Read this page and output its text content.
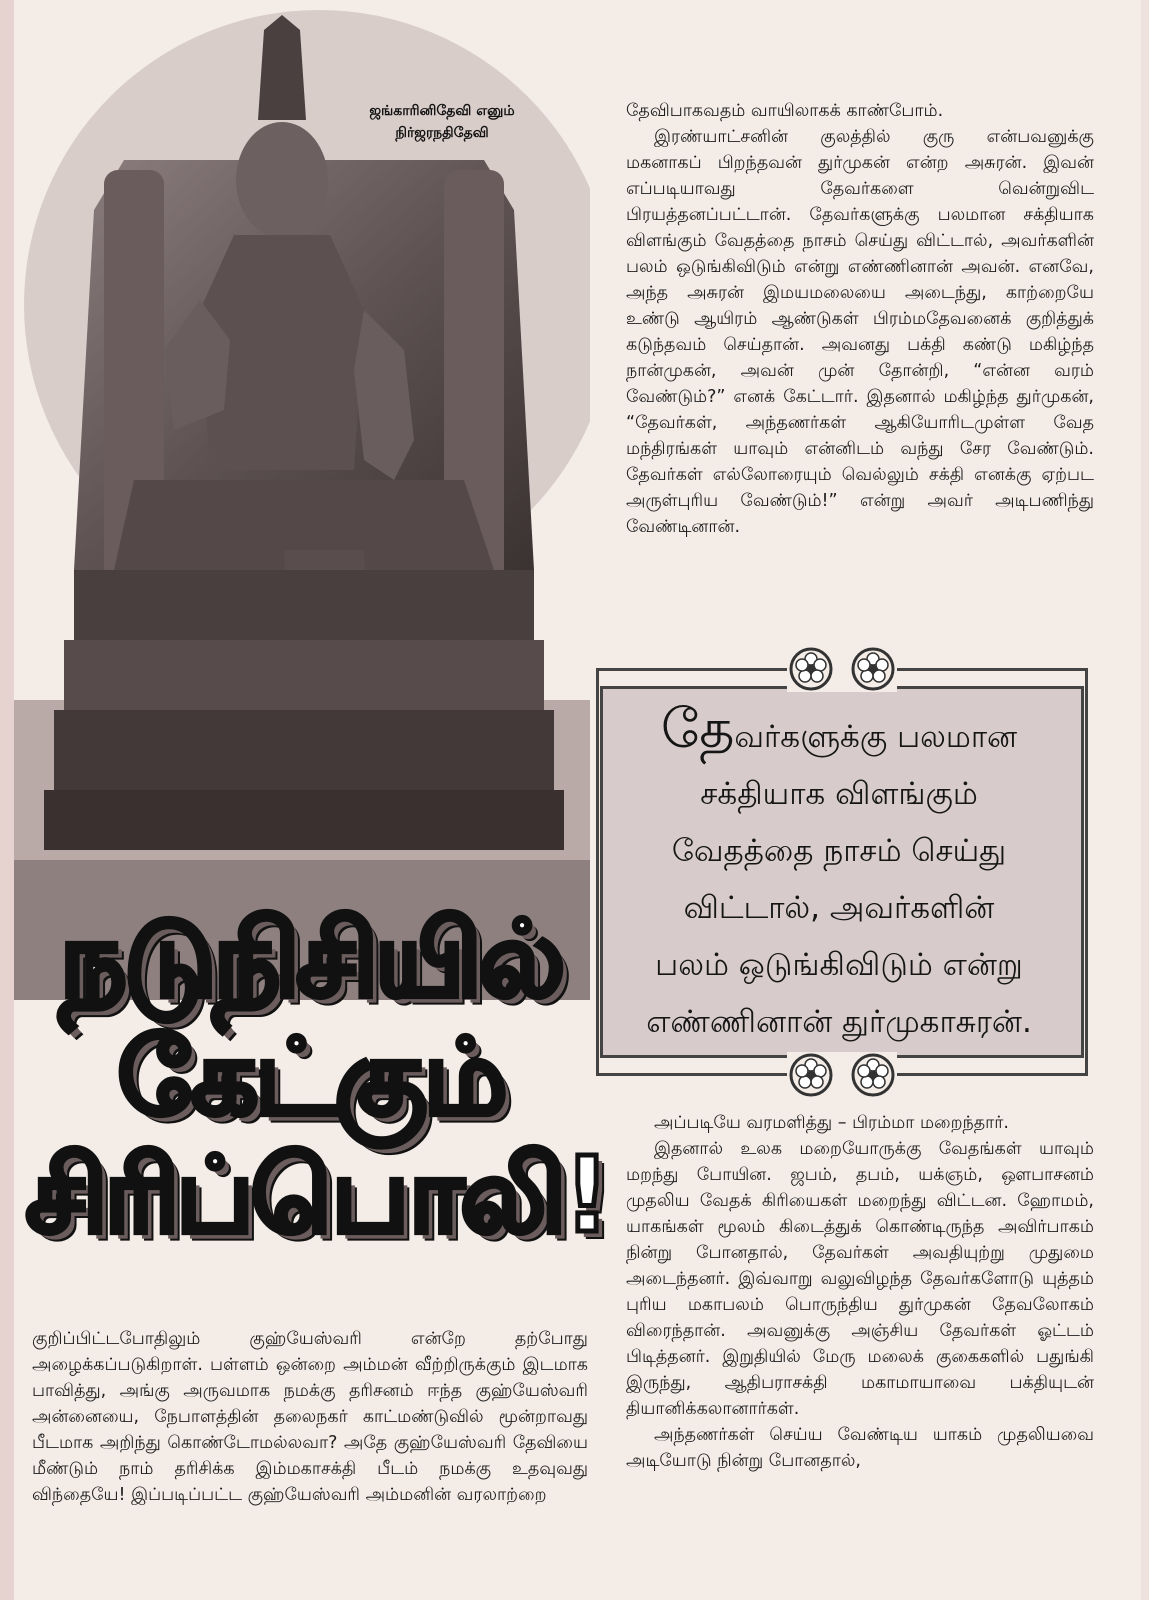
ஜங்காரினிதேவி எனும்
நிர்ஜரநதிதேவி
நடுநிசியில்
கேட்கும்
சிரிப்பொலி!

தேவிபாகவதம் வாயிலாகக் காண்போம்.

இரண்யாட்சனின் குலத்தில் குரு என்பவனுக்கு மகனாகப் பிறந்தவன் துர்முகன் என்ற அசுரன். இவன் எப்படியாவது தேவர்களை வென்றுவிட பிரயத்தனப்பட்டான். தேவர்களுக்கு பலமான சக்தியாக விளங்கும் வேதத்தை நாசம் செய்து விட்டால், அவர்களின் பலம் ஒடுங்கிவிடும் என்று எண்ணினான் அவன். எனவே, அந்த அசுரன் இமயமலையை அடைந்து, காற்றையே உண்டு ஆயிரம் ஆண்டுகள் பிரம்மதேவனைக் குறித்துக் கடுந்தவம் செய்தான். அவனது பக்தி கண்டு மகிழ்ந்த நான்முகன், அவன் முன் தோன்றி, “என்ன வரம் வேண்டும்?” எனக் கேட்டார். இதனால் மகிழ்ந்த துர்முகன், “தேவர்கள், அந்தணர்கள் ஆகியோரிடமுள்ள வேத மந்திரங்கள் யாவும் என்னிடம் வந்து சேர வேண்டும். தேவர்கள் எல்லோரையும் வெல்லும் சக்தி எனக்கு ஏற்பட அருள்புரிய வேண்டும்!” என்று அவர் அடிபணிந்து வேண்டினான்.

தேவர்களுக்கு பலமான
சக்தியாக விளங்கும்
வேதத்தை நாசம் செய்து
விட்டால், அவர்களின்
பலம் ஒடுங்கிவிடும் என்று
எண்ணினான் துர்முகாசுரன்.

அப்படியே வரமளித்து – பிரம்மா மறைந்தார்.

இதனால் உலக மறையோருக்கு வேதங்கள் யாவும் மறந்து போயின. ஜபம், தபம், யக்ஞம், ஔபாசனம் முதலிய வேதக் கிரியைகள் மறைந்து விட்டன. ஹோமம், யாகங்கள் மூலம் கிடைத்துக் கொண்டிருந்த அவிர்பாகம் நின்று போனதால், தேவர்கள் அவதியுற்று முதுமை அடைந்தனர். இவ்வாறு வலுவிழந்த தேவர்களோடு யுத்தம் புரிய மகாபலம் பொருந்திய துர்முகன் தேவலோகம் விரைந்தான். அவனுக்கு அஞ்சிய தேவர்கள் ஓட்டம் பிடித்தனர். இறுதியில் மேரு மலைக் குகைகளில் பதுங்கி இருந்து, ஆதிபராசக்தி மகாமாயாவை பக்தியுடன் தியானிக்கலானார்கள்.

அந்தணர்கள் செய்ய வேண்டிய யாகம் முதலியவை அடியோடு நின்று போனதால்,

குறிப்பிட்டபோதிலும் குஹ்யேஸ்வரி என்றே தற்போது அழைக்கப்படுகிறாள். பள்ளம் ஒன்றை அம்மன் வீற்றிருக்கும் இடமாக பாவித்து, அங்கு அருவமாக நமக்கு தரிசனம் ஈந்த குஹ்யேஸ்வரி அன்னையை, நேபாளத்தின் தலைநகர் காட்மண்டுவில் மூன்றாவது பீடமாக அறிந்து கொண்டோமல்லவா? அதே குஹ்யேஸ்வரி தேவியை மீண்டும் நாம் தரிசிக்க இம்மகாசக்தி பீடம் நமக்கு உதவுவது விந்தையே! இப்படிப்பட்ட குஹ்யேஸ்வரி அம்மனின் வரலாற்றை
